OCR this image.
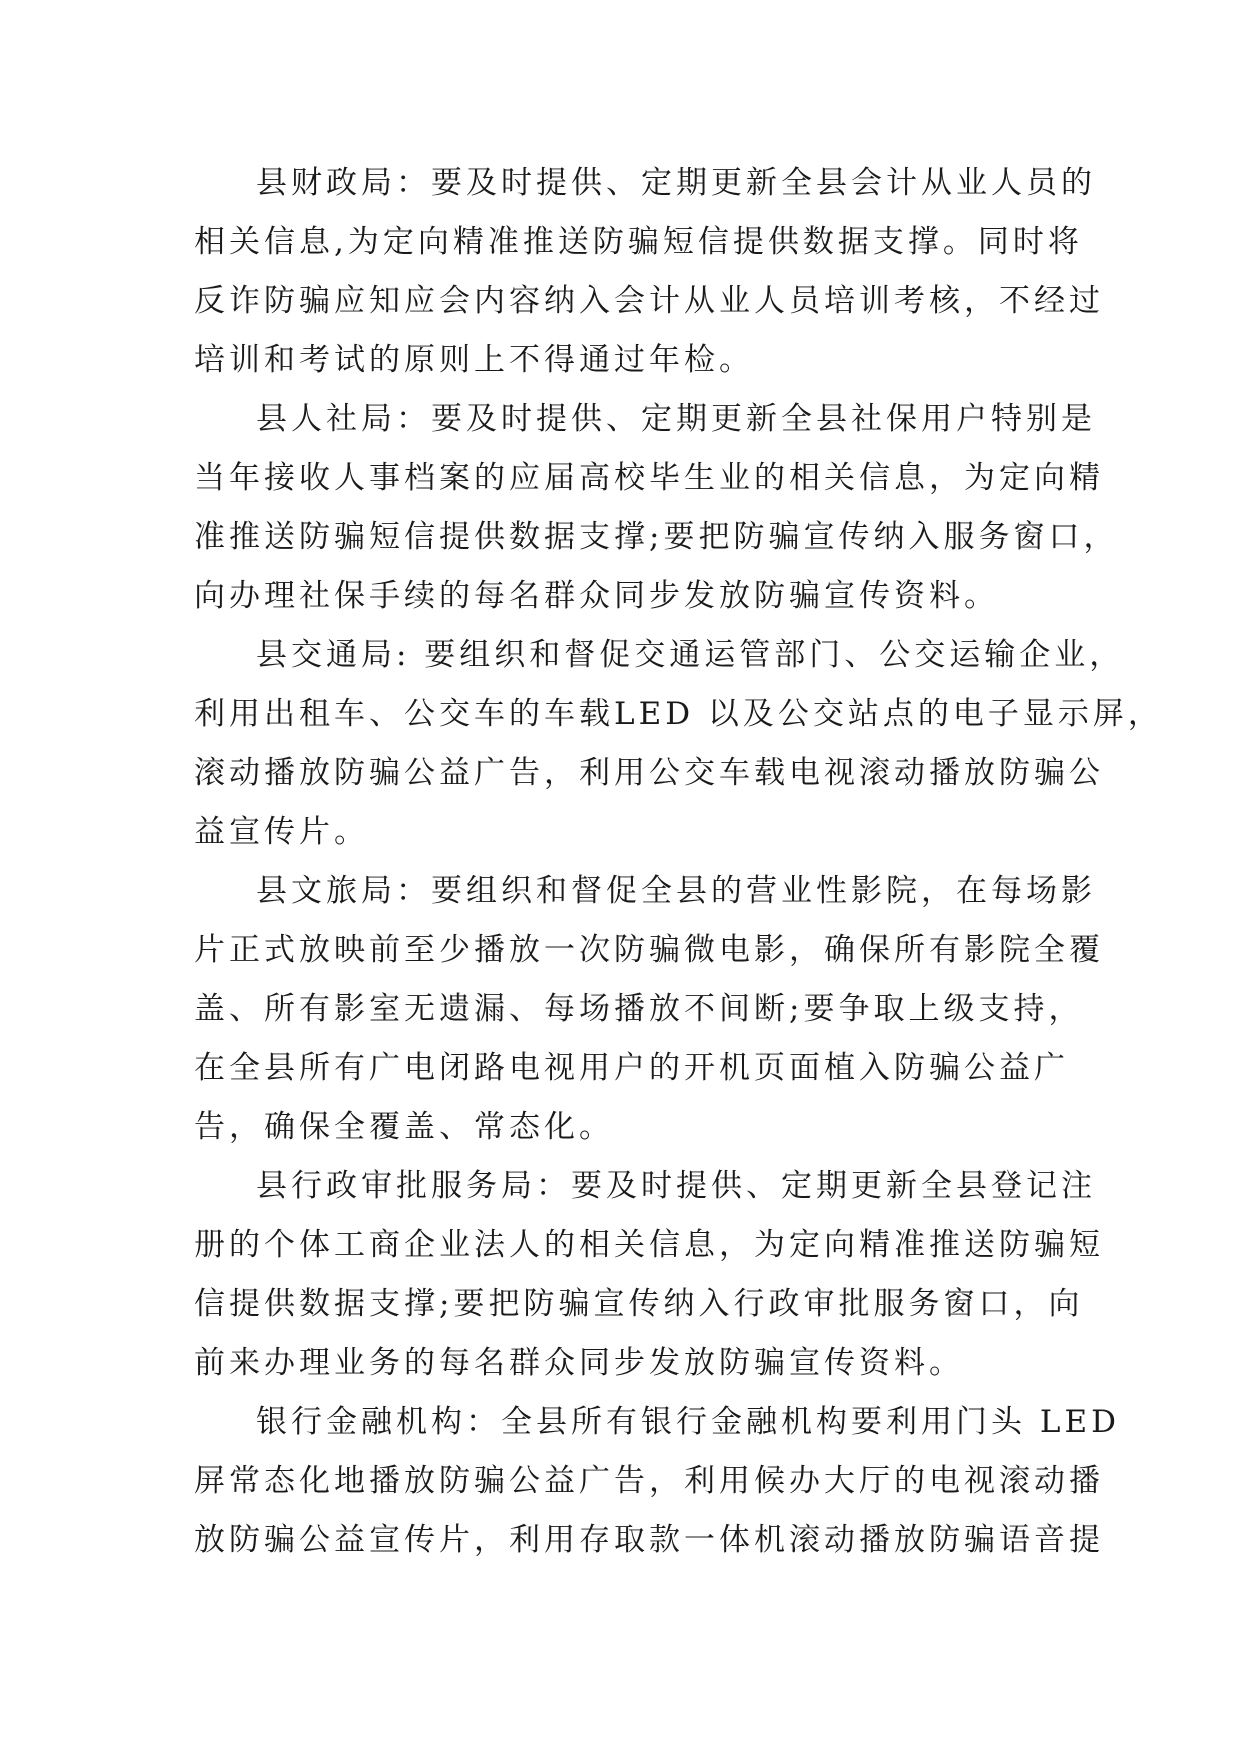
县财政局：要及时提供、定期更新全县会计从业人员的
相关信息,为定向精准推送防骗短信提供数据支撑。同时将
反诈防骗应知应会内容纳入会计从业人员培训考核，不经过
培训和考试的原则上不得通过年检。
县人社局：要及时提供、定期更新全县社保用户特别是
当年接收人事档案的应届高校毕生业的相关信息，为定向精
准推送防骗短信提供数据支撑;要把防骗宣传纳入服务窗口，
向办理社保手续的每名群众同步发放防骗宣传资料。
县交通局: 要组织和督促交通运管部门、公交运输企业，
利用出租车、公交车的车载LED 以及公交站点的电子显示屏，
滚动播放防骗公益广告，利用公交车载电视滚动播放防骗公
益宣传片。
县文旅局：要组织和督促全县的营业性影院，在每场影
片正式放映前至少播放一次防骗微电影，确保所有影院全覆
盖、所有影室无遗漏、每场播放不间断;要争取上级支持，
在全县所有广电闭路电视用户的开机页面植入防骗公益广
告，确保全覆盖、常态化。
县行政审批服务局：要及时提供、定期更新全县登记注
册的个体工商企业法人的相关信息，为定向精准推送防骗短
信提供数据支撑;要把防骗宣传纳入行政审批服务窗口，向
前来办理业务的每名群众同步发放防骗宣传资料。
银行金融机构：全县所有银行金融机构要利用门头 LED
屏常态化地播放防骗公益广告，利用候办大厅的电视滚动播
放防骗公益宣传片，利用存取款一体机滚动播放防骗语音提
